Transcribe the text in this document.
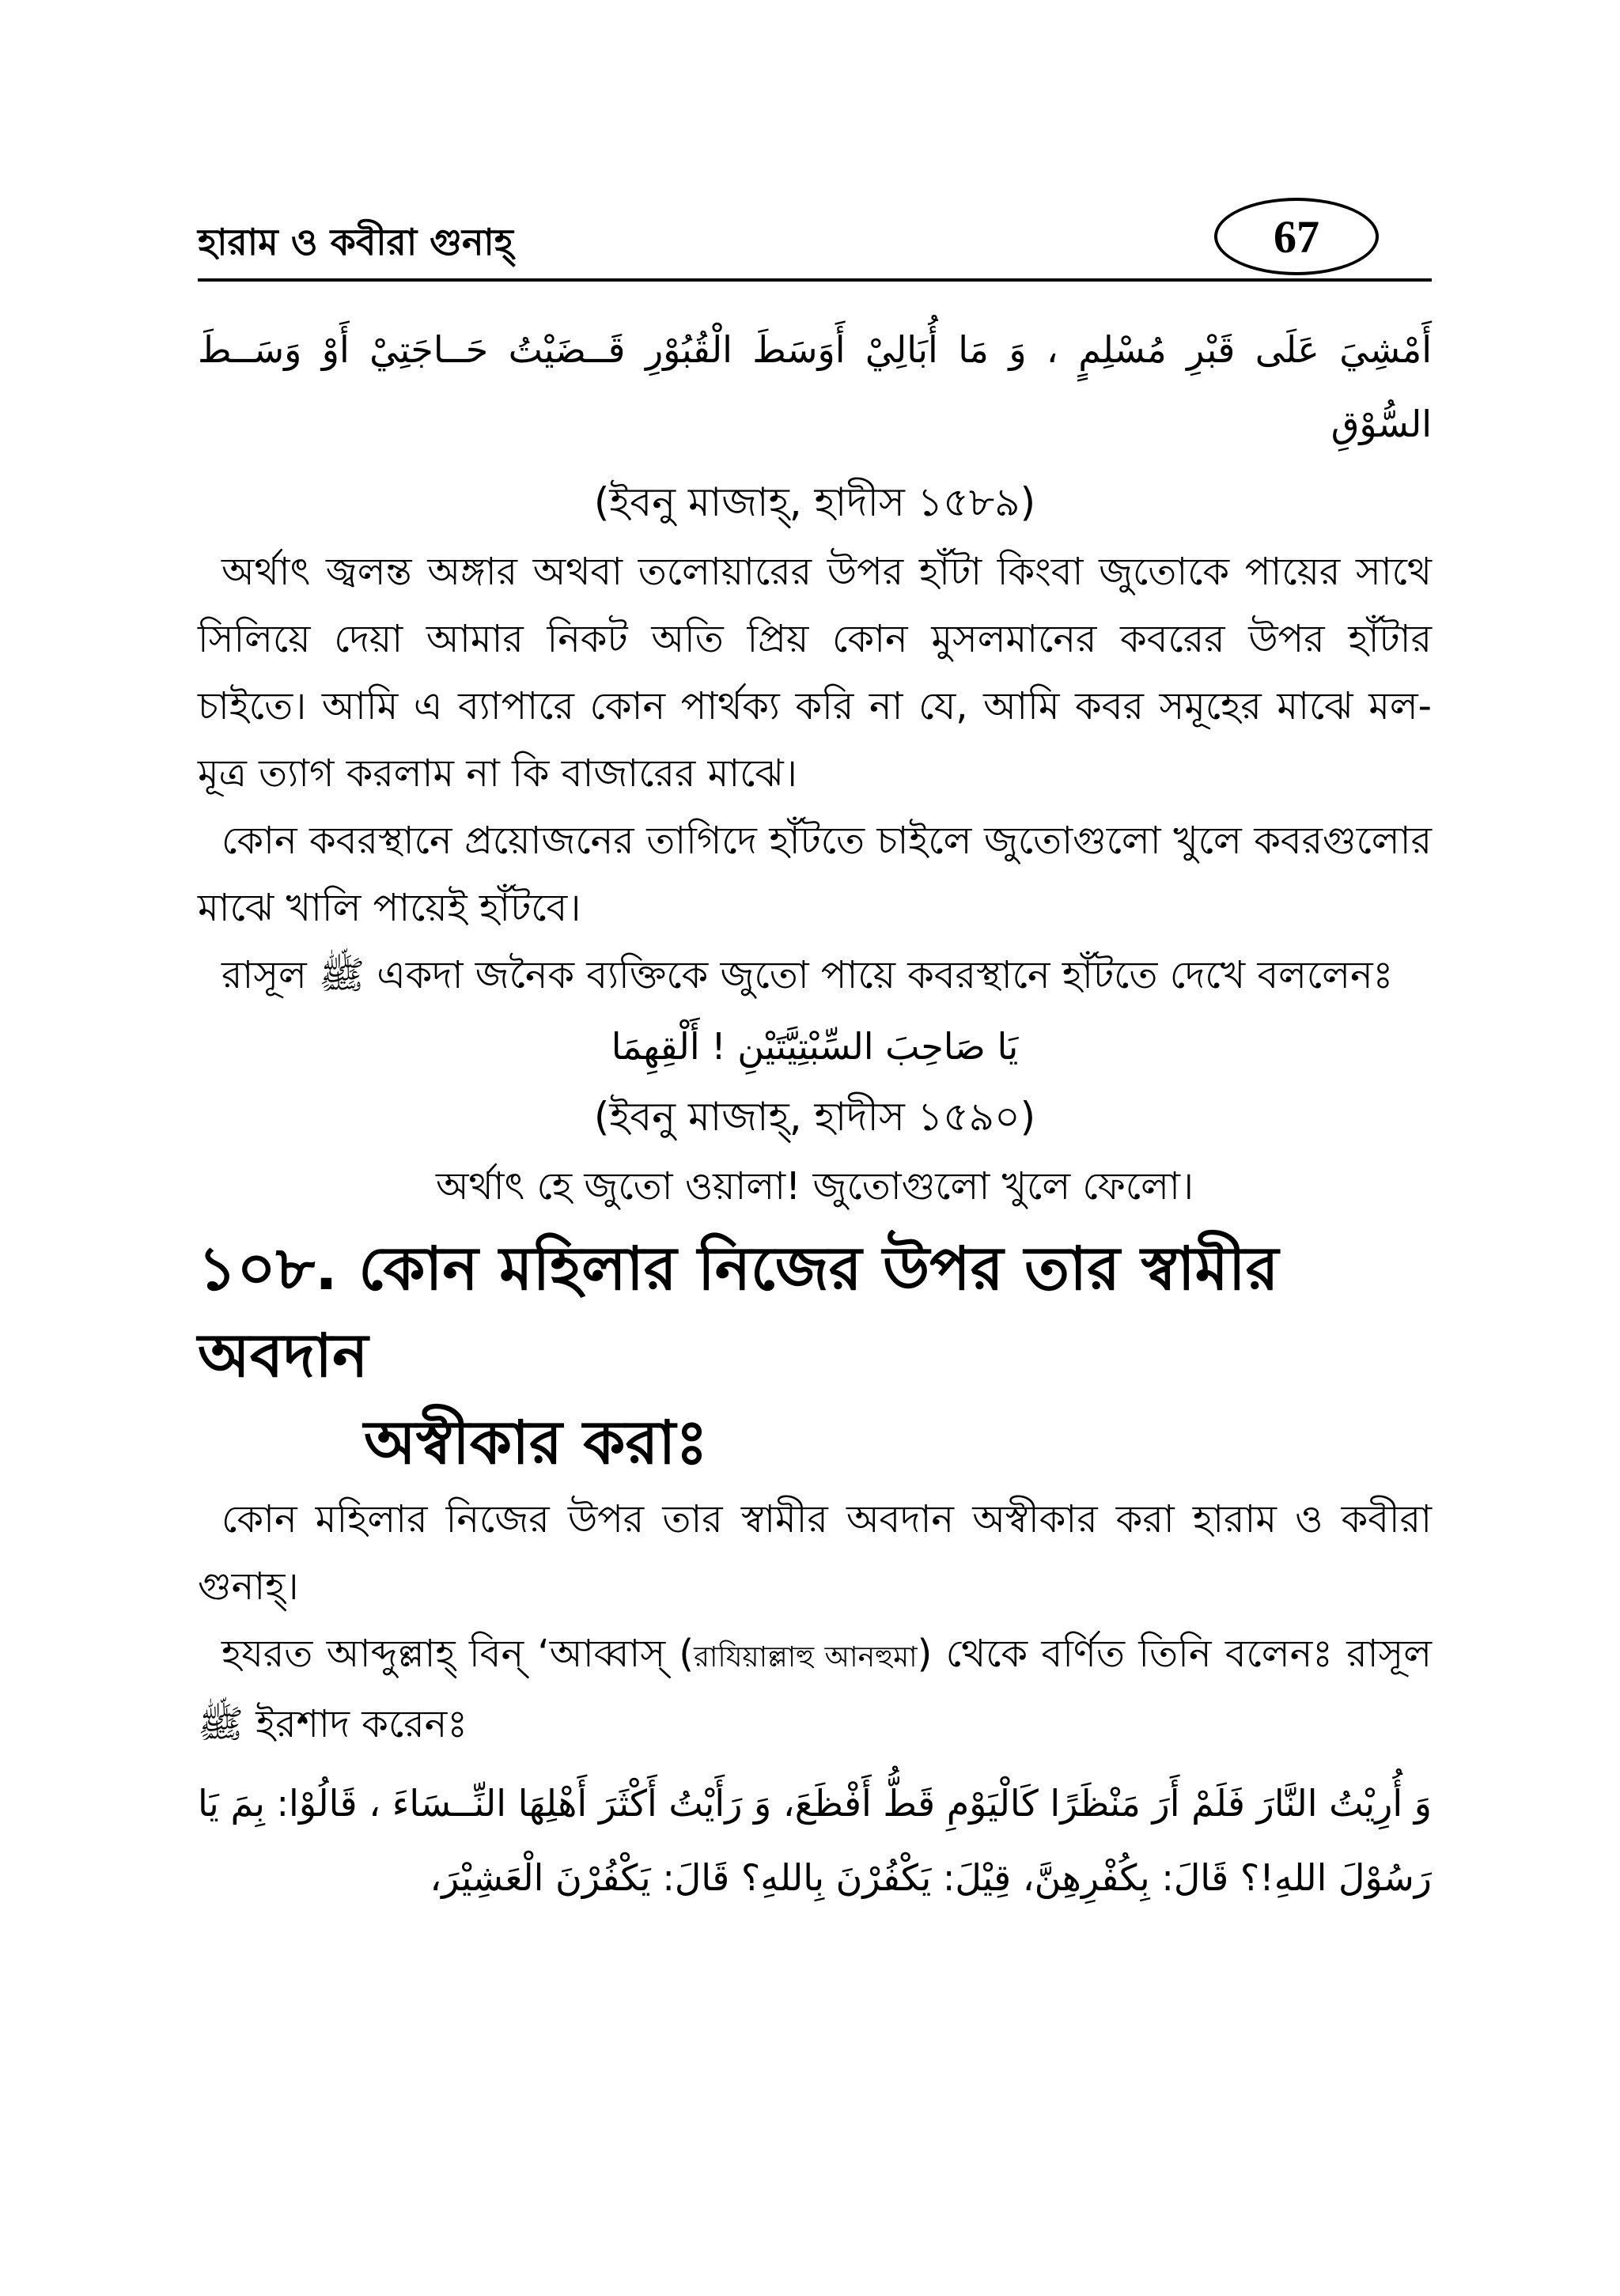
হারাম ও কবীরা গুনাহ্	67
أَمْشِيَ عَلَى قَبْرِ مُسْلِمٍ ، وَ مَا أُبَالِيْ أَوَسَطَ الْقُبُوْرِ قَــضَيْتُ حَــاجَتِيْ أَوْ وَسَــطَ السُّوْقِ
(ইবনু মাজাহ্‌, হাদীস ১৫৮৯)
অর্থাৎ জ্বলন্ত অঙ্গার অথবা তলোয়ারের উপর হাঁটা কিংবা জুতোকে পায়ের সাথে সিলিয়ে দেয়া আমার নিকট অতি প্রিয় কোন মুসলমানের কবরের উপর হাঁটার চাইতে। আমি এ ব্যাপারে কোন পার্থক্য করি না যে, আমি কবর সমূহের মাঝে মল-মূত্র ত্যাগ করলাম না কি বাজারের মাঝে।
কোন কবরস্থানে প্রয়োজনের তাগিদে হাঁটতে চাইলে জুতোগুলো খুলে কবরগুলোর মাঝে খালি পায়েই হাঁটবে।
রাসূল ﷺ একদা জনৈক ব্যক্তিকে জুতো পায়ে কবরস্থানে হাঁটতে দেখে বললেনঃ
يَا صَاحِبَ السِّبْتِيَّتَيْنِ ! أَلْقِهِمَا
(ইবনু মাজাহ্‌, হাদীস ১৫৯০)
অর্থাৎ হে জুতো ওয়ালা! জুতোগুলো খুলে ফেলো।
১০৮. কোন মহিলার নিজের উপর তার স্বামীর অবদান
অস্বীকার করাঃ
কোন মহিলার নিজের উপর তার স্বামীর অবদান অস্বীকার করা হারাম ও কবীরা গুনাহ্‌।
হযরত আব্দুল্লাহ্‌ বিন্‌ ‘আব্বাস্‌ (রাযিয়াল্লাহু আনহুমা) থেকে বর্ণিত তিনি বলেনঃ রাসূল ﷺ ইরশাদ করেনঃ
وَ أُرِيْتُ النَّارَ فَلَمْ أَرَ مَنْظَرًا كَالْيَوْمِ قَطُّ أَفْظَعَ، وَ رَأَيْتُ أَكْثَرَ أَهْلِهَا النِّــسَاءَ ، قَالُوْا: بِمَ يَا رَسُوْلَ اللهِ!؟ قَالَ: بِكُفْرِهِنَّ، قِيْلَ: يَكْفُرْنَ بِاللهِ؟ قَالَ: يَكْفُرْنَ الْعَشِيْرَ،
